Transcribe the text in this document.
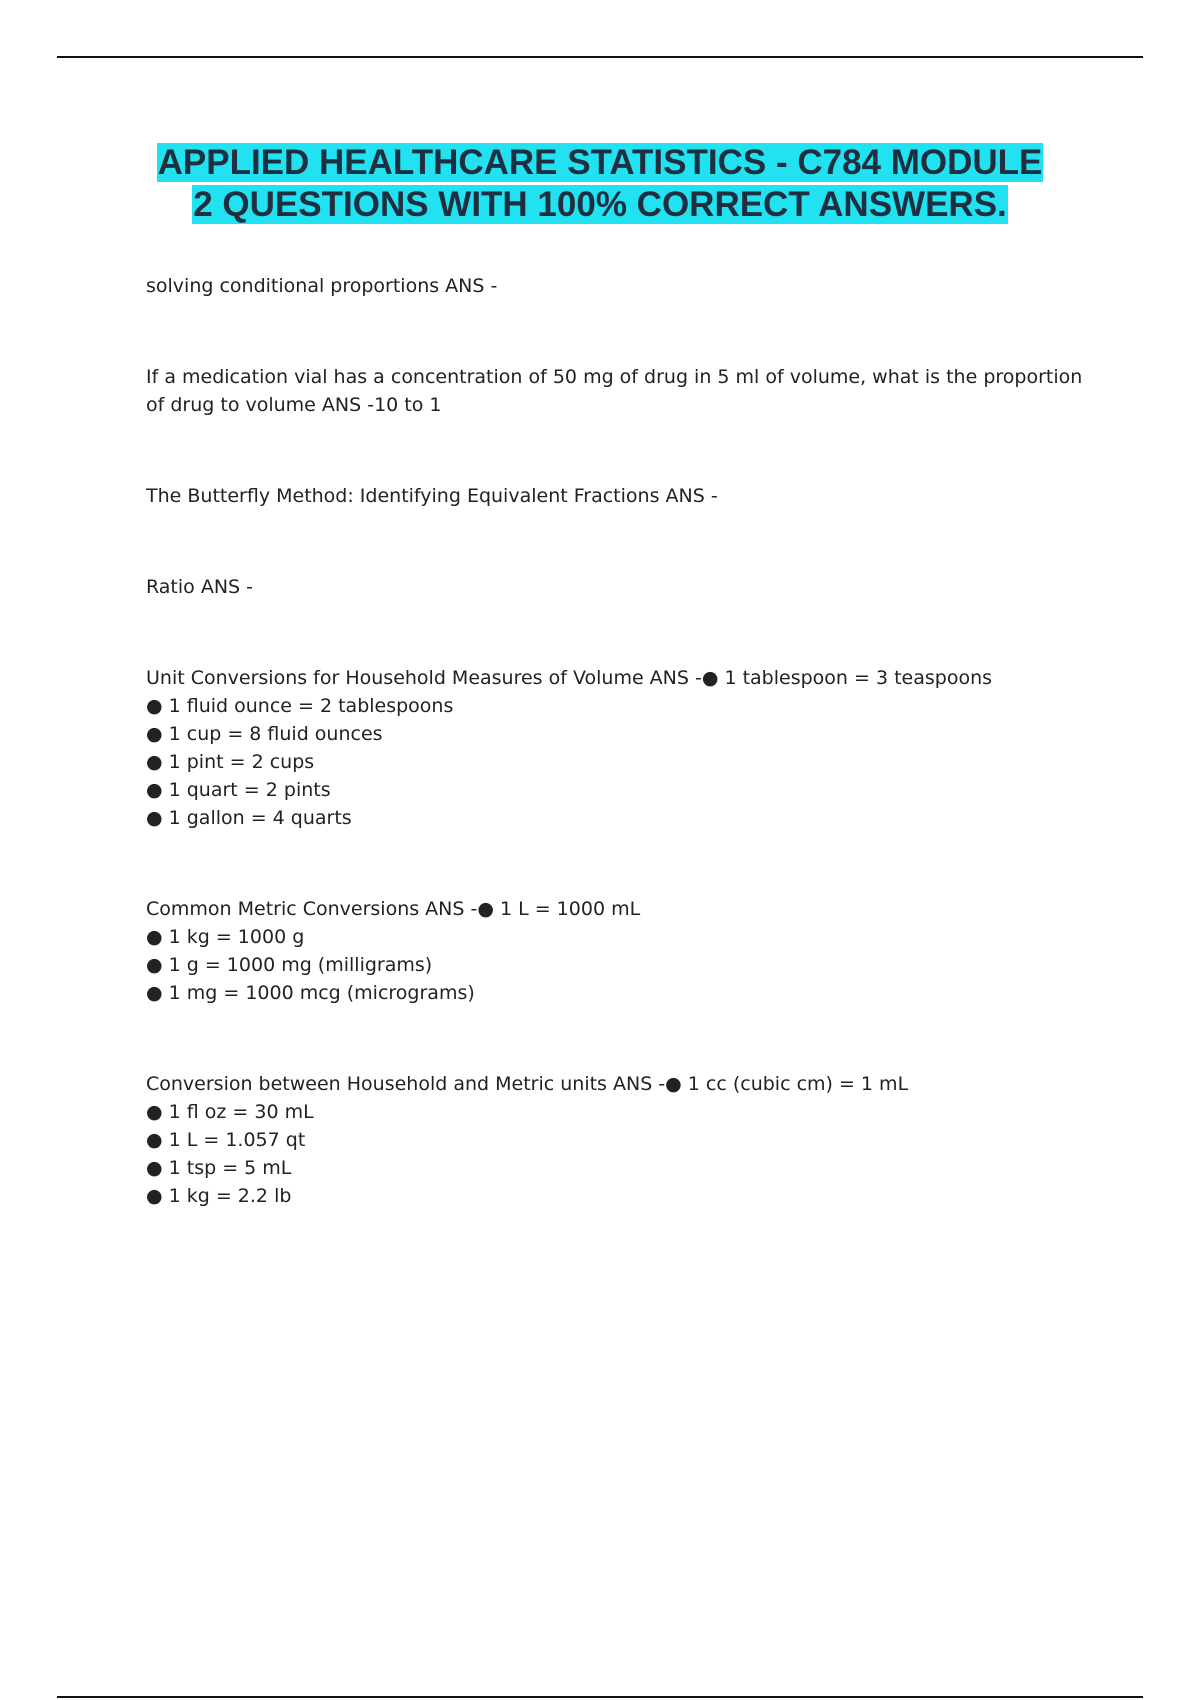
APPLIED HEALTHCARE STATISTICS - C784 MODULE
2 QUESTIONS WITH 100% CORRECT ANSWERS.

solving conditional proportions ANS -

If a medication vial has a concentration of 50 mg of drug in 5 ml of volume, what is the proportion of drug to volume ANS -10 to 1

The Butterfly Method: Identifying Equivalent Fractions ANS -

Ratio ANS -

Unit Conversions for Household Measures of Volume ANS -● 1 tablespoon = 3 teaspoons

● 1 fluid ounce = 2 tablespoons

● 1 cup = 8 fluid ounces

● 1 pint = 2 cups

● 1 quart = 2 pints

● 1 gallon = 4 quarts

Common Metric Conversions ANS -● 1 L = 1000 mL

● 1 kg = 1000 g

● 1 g = 1000 mg (milligrams)

● 1 mg = 1000 mcg (micrograms)

Conversion between Household and Metric units ANS -● 1 cc (cubic cm) = 1 mL

● 1 fl oz = 30 mL

● 1 L = 1.057 qt

● 1 tsp = 5 mL

● 1 kg = 2.2 lb
